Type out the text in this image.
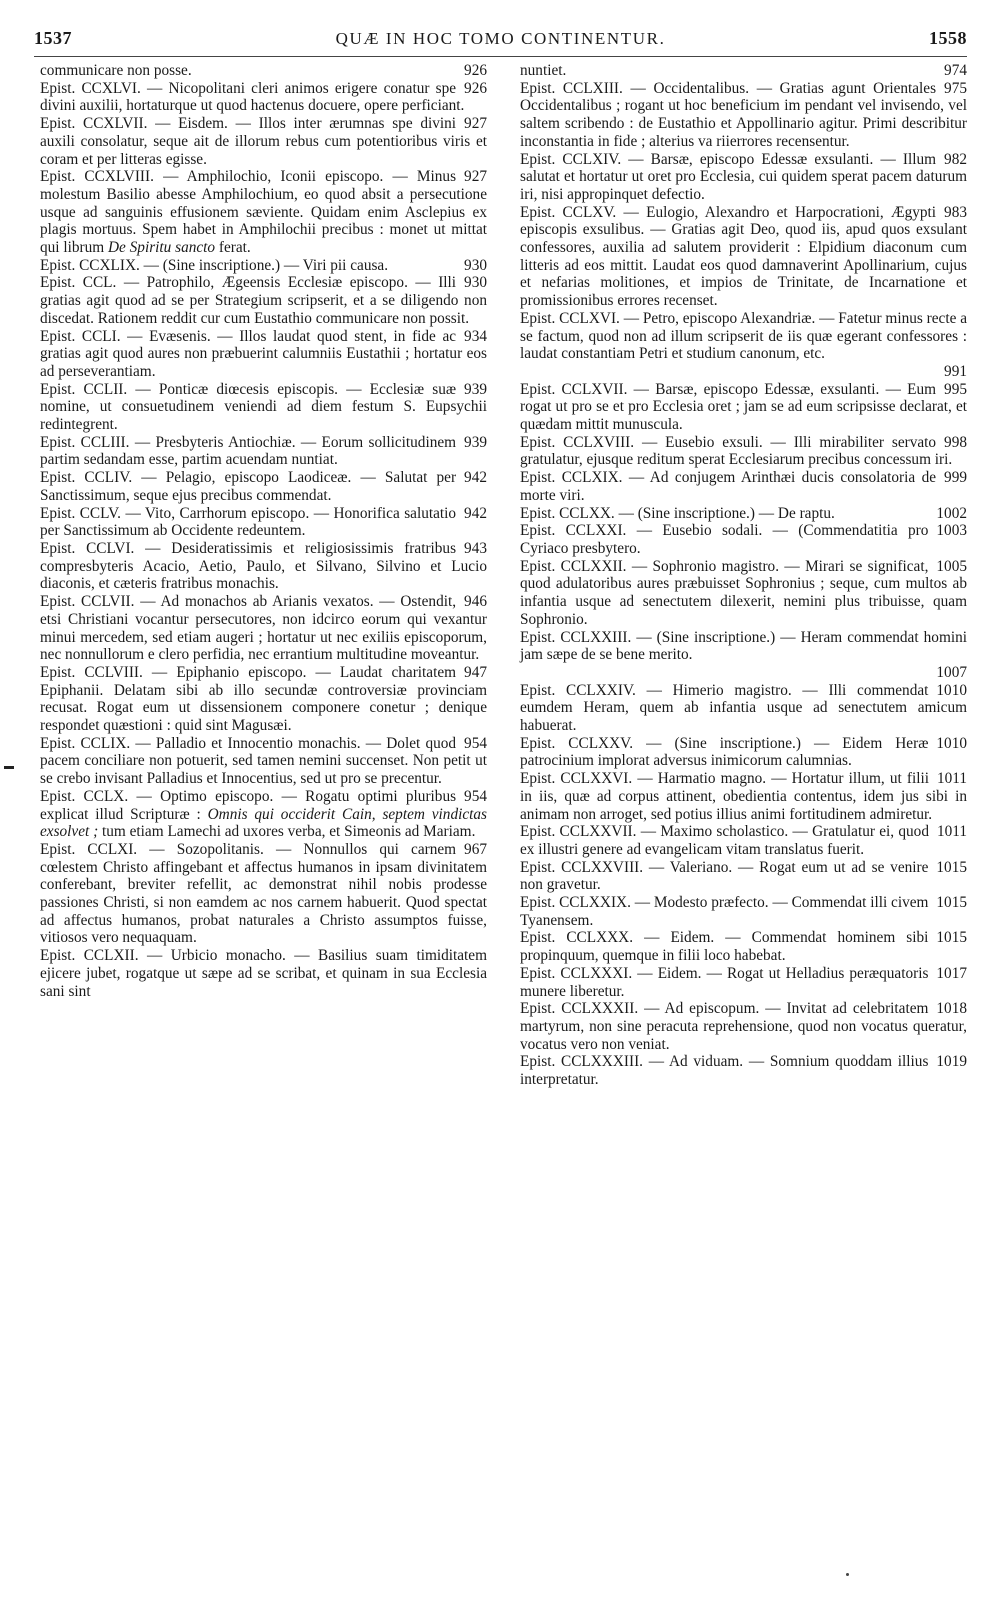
1537	QUÆ IN HOC TOMO CONTINENTUR.	1558

926
communicare non posse.

926
Epist. CCXLVI. — Nicopolitani cleri animos erigere conatur spe divini auxilii, hortaturque ut quod hactenus docuere, opere perficiant.

927
Epist. CCXLVII. — Eisdem. — Illos inter ærumnas spe divini auxili consolatur, seque ait de illorum rebus cum potentioribus viris et coram et per litteras egisse.

927
Epist. CCXLVIII. — Amphilochio, Iconii episcopo. — Minus molestum Basilio abesse Amphilochium, eo quod absit a persecutione usque ad sanguinis effusionem sæviente. Quidam enim Asclepius ex plagis mortuus. Spem habet in Amphilochii precibus : monet ut mittat qui librum De Spiritu sancto ferat.

930
Epist. CCXLIX. — (Sine inscriptione.) — Viri pii causa.

930
Epist. CCL. — Patrophilo, Ægeensis Ecclesiæ episcopo. — Illi gratias agit quod ad se per Strategium scripserit, et a se diligendo non discedat. Rationem reddit cur cum Eustathio communicare non possit.

934
Epist. CCLI. — Evæsenis. — Illos laudat quod stent, in fide ac gratias agit quod aures non præbuerint calumniis Eustathii ; hortatur eos ad perseverantiam.

939
Epist. CCLII. — Ponticæ diœcesis episcopis. — Ecclesiæ suæ nomine, ut consuetudinem veniendi ad diem festum S. Eupsychii redintegrent.

939
Epist. CCLIII. — Presbyteris Antiochiæ. — Eorum sollicitudinem partim sedandam esse, partim acuendam nuntiat.

942
Epist. CCLIV. — Pelagio, episcopo Laodiceæ. — Salutat per Sanctissimum, seque ejus precibus commendat.

942
Epist. CCLV. — Vito, Carrhorum episcopo. — Honorifica salutatio per Sanctissimum ab Occidente redeuntem.

943
Epist. CCLVI. — Desideratissimis et religiosissimis fratribus compresbyteris Acacio, Aetio, Paulo, et Silvano, Silvino et Lucio diaconis, et cæteris fratribus monachis.

946
Epist. CCLVII. — Ad monachos ab Arianis vexatos. — Ostendit, etsi Christiani vocantur persecutores, non idcirco eorum qui vexantur minui mercedem, sed etiam augeri ; hortatur ut nec exiliis episcoporum, nec nonnullorum e clero perfidia, nec errantium multitudine moveantur.

947
Epist. CCLVIII. — Epiphanio episcopo. — Laudat charitatem Epiphanii. Delatam sibi ab illo secundæ controversiæ provinciam recusat. Rogat eum ut dissensionem componere conetur ; denique respondet quæstioni : quid sint Magusæi.

954
Epist. CCLIX. — Palladio et Innocentio monachis. — Dolet quod pacem conciliare non potuerit, sed tamen nemini succenset. Non petit ut se crebo invisant Palladius et Innocentius, sed ut pro se precentur.

954
Epist. CCLX. — Optimo episcopo. — Rogatu optimi pluribus explicat illud Scripturæ : Omnis qui occiderit Cain, septem vindictas exsolvet ; tum etiam Lamechi ad uxores verba, et Simeonis ad Mariam.

967
Epist. CCLXI. — Sozopolitanis. — Nonnullos qui carnem cœlestem Christo affingebant et affectus humanos in ipsam divinitatem conferebant, breviter refellit, ac demonstrat nihil nobis prodesse passiones Christi, si non eamdem ac nos carnem habuerit. Quod spectat ad affectus humanos, probat naturales a Christo assumptos fuisse, vitiosos vero nequaquam.

Epist. CCLXII. — Urbicio monacho. — Basilius suam timiditatem ejicere jubet, rogatque ut sæpe ad se scribat, et quinam in sua Ecclesia sani sint

974
nuntiet.

975
Epist. CCLXIII. — Occidentalibus. — Gratias agunt Orientales Occidentalibus ; rogant ut hoc beneficium im pendant vel invisendo, vel saltem scribendo : de Eustathio et Appollinario agitur. Primi describitur inconstantia in fide ; alterius va riierrores recensentur.

982
Epist. CCLXIV. — Barsæ, episcopo Edessæ exsulanti. — Illum salutat et hortatur ut oret pro Ecclesia, cui quidem sperat pacem daturum iri, nisi appropinquet defectio.

983
Epist. CCLXV. — Eulogio, Alexandro et Harpocrationi, Ægypti episcopis exsulibus. — Gratias agit Deo, quod iis, apud quos exsulant confessores, auxilia ad salutem providerit : Elpidium diaconum cum litteris ad eos mittit. Laudat eos quod damnaverint Apollinarium, cujus et nefarias molitiones, et impios de Trinitate, de Incarnatione et promissionibus errores recenset.

Epist. CCLXVI. — Petro, episcopo Alexandriæ. — Fatetur minus recte a se factum, quod non ad illum scripserit de iis quæ egerant confessores : laudat constantiam Petri et studium canonum, etc.
991

995
Epist. CCLXVII. — Barsæ, episcopo Edessæ, exsulanti. — Eum rogat ut pro se et pro Ecclesia oret ; jam se ad eum scripsisse declarat, et quædam mittit munuscula.

998
Epist. CCLXVIII. — Eusebio exsuli. — Illi mirabiliter servato gratulatur, ejusque reditum sperat Ecclesiarum precibus concessum iri.

999
Epist. CCLXIX. — Ad conjugem Arinthæi ducis consolatoria de morte viri.

1002
Epist. CCLXX. — (Sine inscriptione.) — De raptu.

1003
Epist. CCLXXI. — Eusebio sodali. — (Commendatitia pro Cyriaco presbytero.

1005
Epist. CCLXXII. — Sophronio magistro. — Mirari se significat, quod adulatoribus aures præbuisset Sophronius ; seque, cum multos ab infantia usque ad senectutem dilexerit, nemini plus tribuisse, quam Sophronio.

Epist. CCLXXIII. — (Sine inscriptione.) — Heram commendat homini jam sæpe de se bene merito.
1007

1010
Epist. CCLXXIV. — Himerio magistro. — Illi commendat eumdem Heram, quem ab infantia usque ad senectutem amicum habuerat.

1010
Epist. CCLXXV. — (Sine inscriptione.) — Eidem Heræ patrocinium implorat adversus inimicorum calumnias.

1011
Epist. CCLXXVI. — Harmatio magno. — Hortatur illum, ut filii in iis, quæ ad corpus attinent, obedientia contentus, idem jus sibi in animam non arroget, sed potius illius animi fortitudinem admiretur.

1011
Epist. CCLXXVII. — Maximo scholastico. — Gratulatur ei, quod ex illustri genere ad evangelicam vitam translatus fuerit.

1015
Epist. CCLXXVIII. — Valeriano. — Rogat eum ut ad se venire non gravetur.

1015
Epist. CCLXXIX. — Modesto præfecto. — Commendat illi civem Tyanensem.

1015
Epist. CCLXXX. — Eidem. — Commendat hominem sibi propinquum, quemque in filii loco habebat.

1017
Epist. CCLXXXI. — Eidem. — Rogat ut Helladius peræquatoris munere liberetur.

1018
Epist. CCLXXXII. — Ad episcopum. — Invitat ad celebritatem martyrum, non sine peracuta reprehensione, quod non vocatus queratur, vocatus vero non veniat.

1019
Epist. CCLXXXIII. — Ad viduam. — Somnium quoddam illius interpretatur.
